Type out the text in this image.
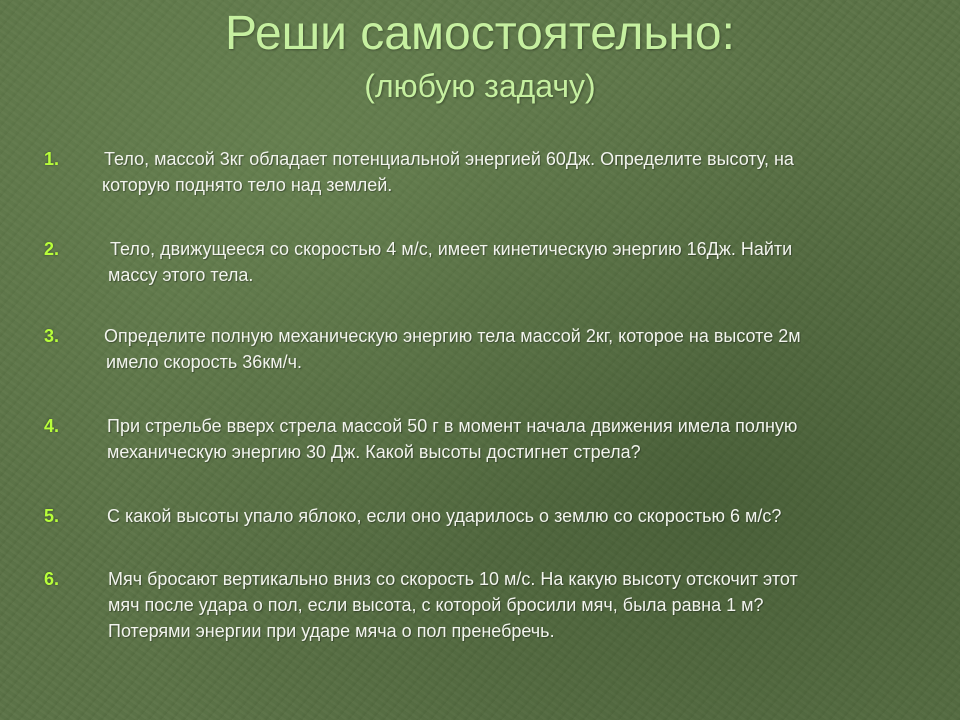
Реши самостоятельно:
(любую задачу)
1. Тело, массой 3кг обладает потенциальной энергией 60Дж. Определите высоту, на
которую поднято тело над землей.
2.	Тело, движущееся со скоростью 4 м/с, имеет кинетическую энергию 16Дж. Найти
массу этого тела.
3. Определите полную механическую энергию тела массой 2кг, которое на высоте 2м
имело скорость 36км/ч.
4.	При стрельбе вверх стрела массой 50 г в момент начала движения имела полную
механическую энергию 30 Дж. Какой высоты достигнет стрела?
5.	С какой высоты упало яблоко, если оно ударилось о землю со скоростью 6 м/с?
6.	Мяч бросают вертикально вниз со скорость 10 м/с. На какую высоту отскочит этот
мяч после удара о пол, если высота, с которой бросили мяч, была равна 1 м?
Потерями энергии при ударе мяча о пол пренебречь.
